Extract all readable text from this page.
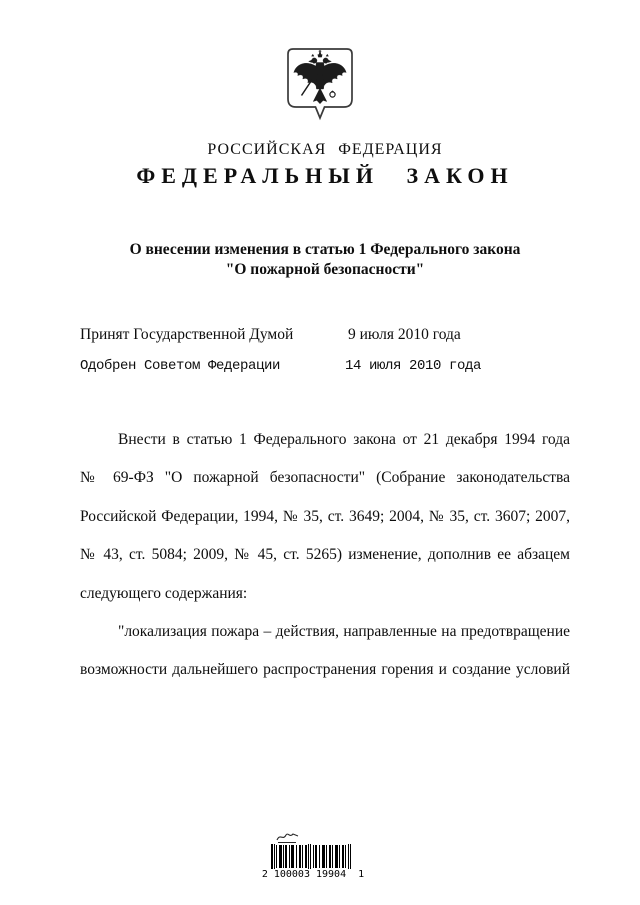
РОССИЙСКАЯ ФЕДЕРАЦИЯ
ФЕДЕРАЛЬНЫЙ ЗАКОН
О внесении изменения в статью 1 Федерального закона
"О пожарной безопасности"
Принят Государственной Думой	9 июля 2010 года
Одобрен Советом Федерации	14 июля 2010 года
Внести в статью 1 Федерального закона от 21 декабря 1994 года
№ 69-ФЗ "О пожарной безопасности" (Собрание законодательства
Российской Федерации, 1994, № 35, ст. 3649; 2004, № 35, ст. 3607; 2007,
№ 43, ст. 5084; 2009, № 45, ст. 5265) изменение, дополнив ее абзацем
следующего содержания:
"локализация пожара – действия, направленные на предотвращение
возможности дальнейшего распространения горения и создание условий
2 100003 19904  1
